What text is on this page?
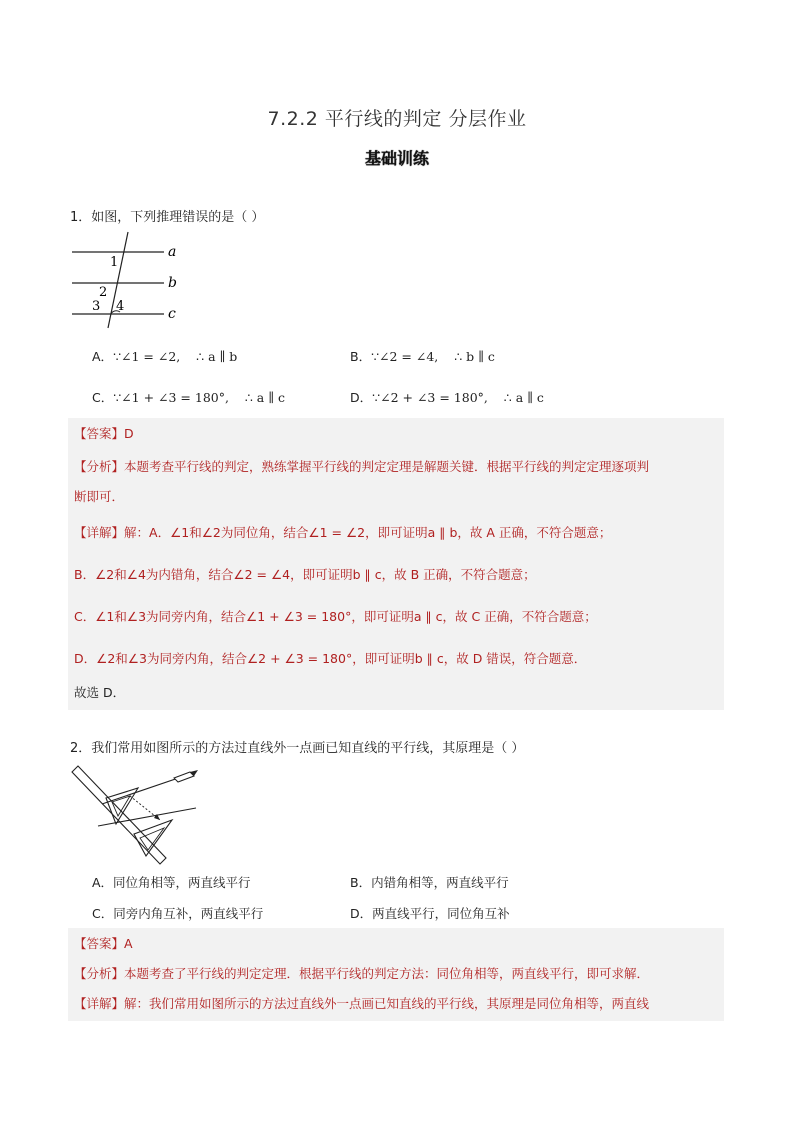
7.2.2 平行线的判定 分层作业
基础训练
1．如图，下列推理错误的是（ ）
a
b
c
1
2
3 4
A．∵∠1 = ∠2, ∴ a ∥ b	B．∵∠2 = ∠4, ∴ b ∥ c
C．∵∠1 + ∠3 = 180°, ∴ a ∥ c	D．∵∠2 + ∠3 = 180°, ∴ a ∥ c
【答案】D
【分析】本题考查平行线的判定，熟练掌握平行线的判定定理是解题关键．根据平行线的判定定理逐项判
断即可．
【详解】解：A．∠1和∠2为同位角，结合∠1 = ∠2，即可证明a ∥ b，故 A 正确，不符合题意；
B．∠2和∠4为内错角，结合∠2 = ∠4，即可证明b ∥ c，故 B 正确，不符合题意；
C．∠1和∠3为同旁内角，结合∠1 + ∠3 = 180°，即可证明a ∥ c，故 C 正确，不符合题意；
D．∠2和∠3为同旁内角，结合∠2 + ∠3 = 180°，即可证明b ∥ c，故 D 错误，符合题意．
故选 D．
2．我们常用如图所示的方法过直线外一点画已知直线的平行线，其原理是（ ）
A．同位角相等，两直线平行	B．内错角相等，两直线平行
C．同旁内角互补，两直线平行	D．两直线平行，同位角互补
【答案】A
【分析】本题考查了平行线的判定定理．根据平行线的判定方法：同位角相等，两直线平行，即可求解．
【详解】解：我们常用如图所示的方法过直线外一点画已知直线的平行线，其原理是同位角相等，两直线
